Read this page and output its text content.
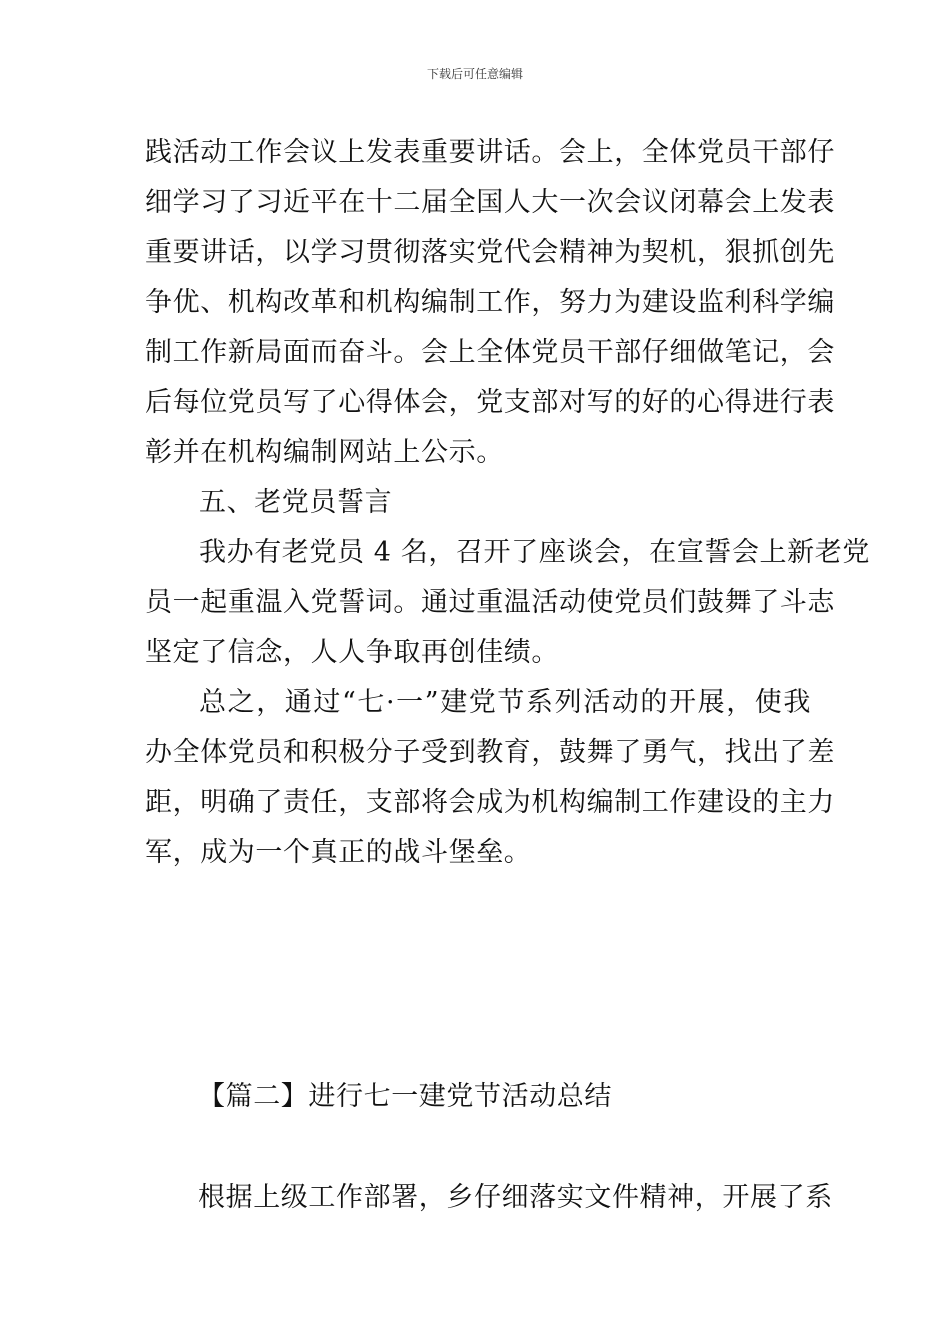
下载后可任意编辑

践活动工作会议上发表重要讲话。会上，全体党员干部仔
细学习了习近平在十二届全国人大一次会议闭幕会上发表
重要讲话，以学习贯彻落实党代会精神为契机，狠抓创先
争优、机构改革和机构编制工作，努力为建设监利科学编
制工作新局面而奋斗。会上全体党员干部仔细做笔记，会
后每位党员写了心得体会，党支部对写的好的心得进行表
彰并在机构编制网站上公示。

五、老党员誓言

我办有老党员 4 名，召开了座谈会，在宣誓会上新老党
员一起重温入党誓词。通过重温活动使党员们鼓舞了斗志
坚定了信念，人人争取再创佳绩。

总之，通过“七·一”建党节系列活动的开展，使我
办全体党员和积极分子受到教育，鼓舞了勇气，找出了差
距，明确了责任，支部将会成为机构编制工作建设的主力
军，成为一个真正的战斗堡垒。

【篇二】进行七一建党节活动总结
根据上级工作部署，乡仔细落实文件精神，开展了系
